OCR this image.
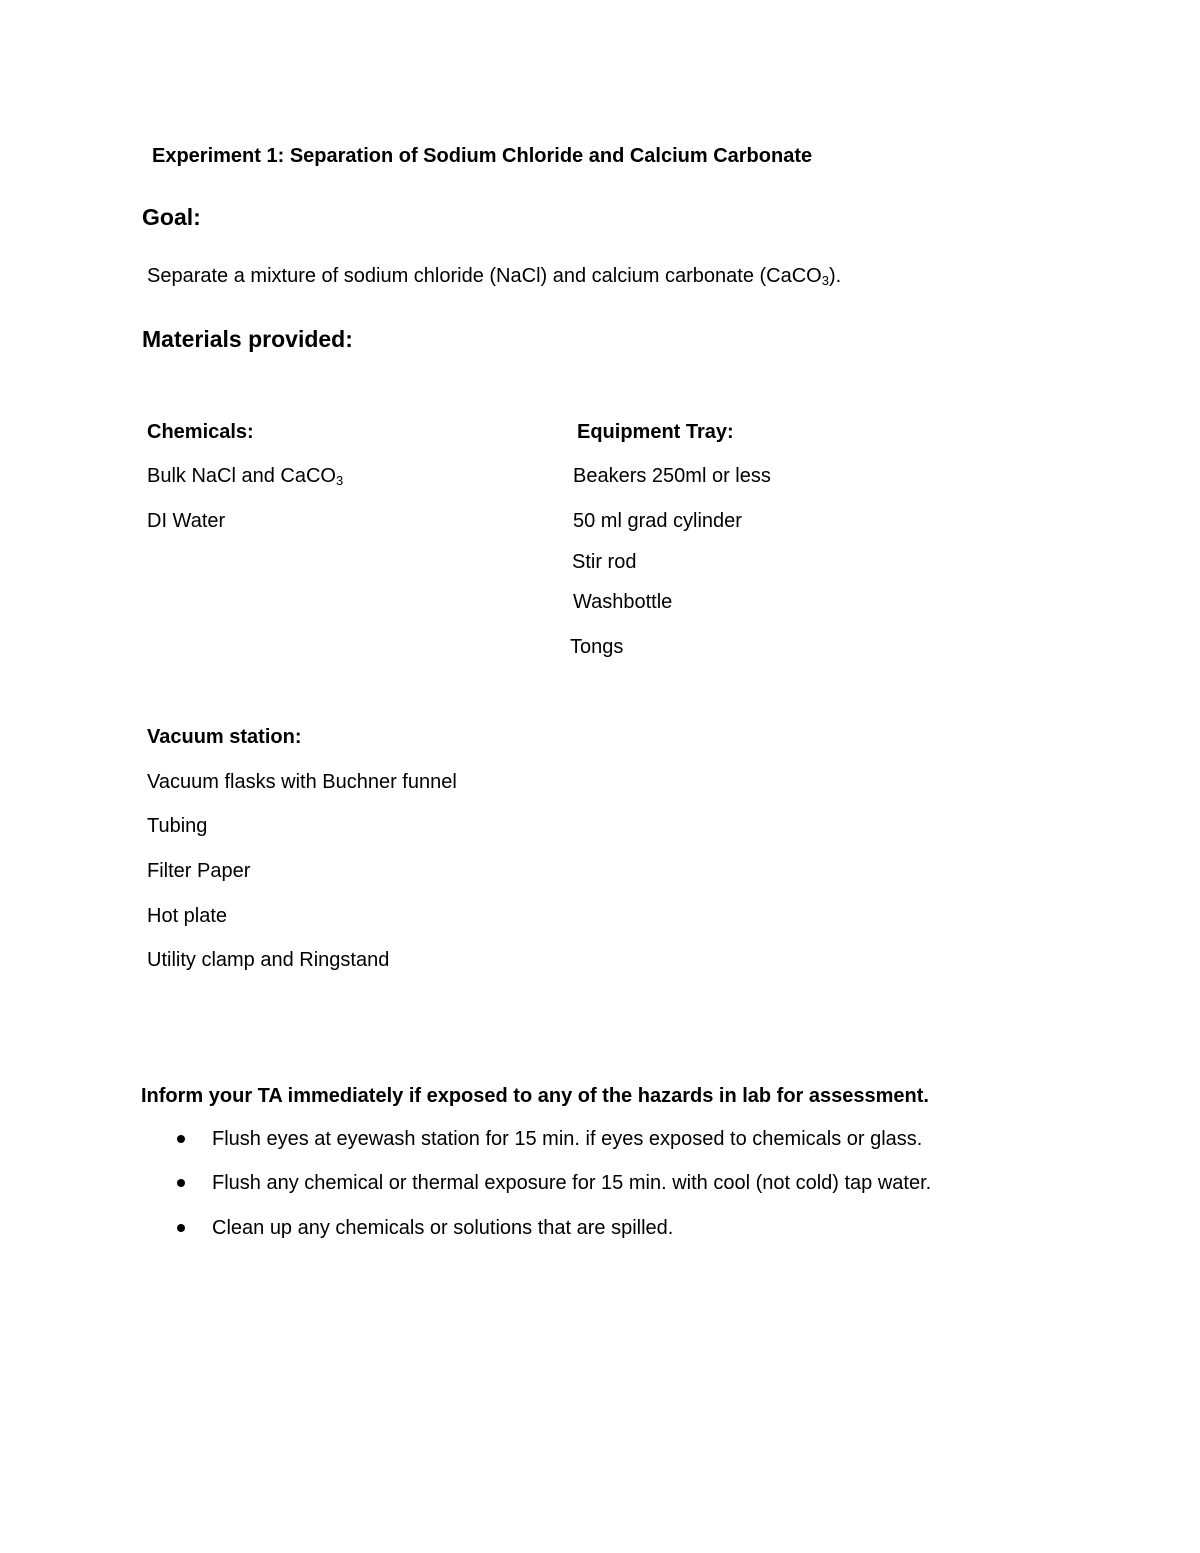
Experiment 1: Separation of Sodium Chloride and Calcium Carbonate
Goal:
Separate a mixture of sodium chloride (NaCl) and calcium carbonate (CaCO$_3$).
Materials provided:
Chemicals:
Bulk NaCl and CaCO$_3$
DI Water
Equipment Tray:
Beakers 250ml or less
50 ml grad cylinder
Stir rod
Washbottle
Tongs
Vacuum station:
Vacuum flasks with Buchner funnel
Tubing
Filter Paper
Hot plate
Utility clamp and Ringstand
Inform your TA immediately if exposed to any of the hazards in lab for assessment.
Flush eyes at eyewash station for 15 min. if eyes exposed to chemicals or glass.
Flush any chemical or thermal exposure for 15 min. with cool (not cold) tap water.
Clean up any chemicals or solutions that are spilled.
